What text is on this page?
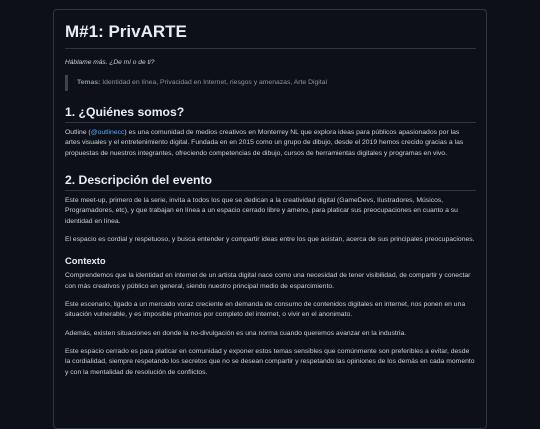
M#1: PrivARTE
Háblame más. ¿De mí o de ti?
Temas: Identidad en línea, Privacidad en Internet, riesgos y amenazas, Arte Digital
1. ¿Quiénes somos?

Outline (@outlinecc) es una comunidad de medios creativos en Monterrey NL que explora ideas para públicos apasionados por las artes visuales y el entretenimiento digital. Fundada en en 2015 como un grupo de dibujo, desde el 2019 hemos crecido gracias a las propuestas de nuestros integrantes, ofreciendo competencias de dibujo, cursos de herramientas digitales y programas en vivo.

2. Descripción del evento

Este meet-up, primero de la serie, invita a todos los que se dedican a la creatividad digital (GameDevs, Ilustradores, Músicos, Programadores, etc), y que trabajan en línea a un espacio cerrado libre y ameno, para platicar sus preocupaciones en cuanto a su identidad en línea.

El espacio es cordial y respetuoso, y busca entender y compartir ideas entre los que asistan, acerca de sus principales preocupaciones.

Contexto

Comprendemos que la identidad en internet de un artista digital nace como una necesidad de tener visibilidad, de compartir y conectar con más creativos y público en general, siendo nuestro principal medio de esparcimiento.

Este escenario, ligado a un mercado voraz creciente en demanda de consumo de contenidos digitales en internet, nos ponen en una situación vulnerable, y es imposible privarnos por completo del internet, o vivir en el anonimato.

Además, existen situaciones en donde la no-divulgación es una norma cuando queremos avanzar en la industria.

Este espacio cerrado es para platicar en comunidad y exponer estos temas sensibles que comúnmente son preferibles a evitar, desde la cordialidad, siempre respetando los secretos que no se desean compartir y respetando las opiniones de los demás en cada momento y con la mentalidad de resolución de conflictos.
